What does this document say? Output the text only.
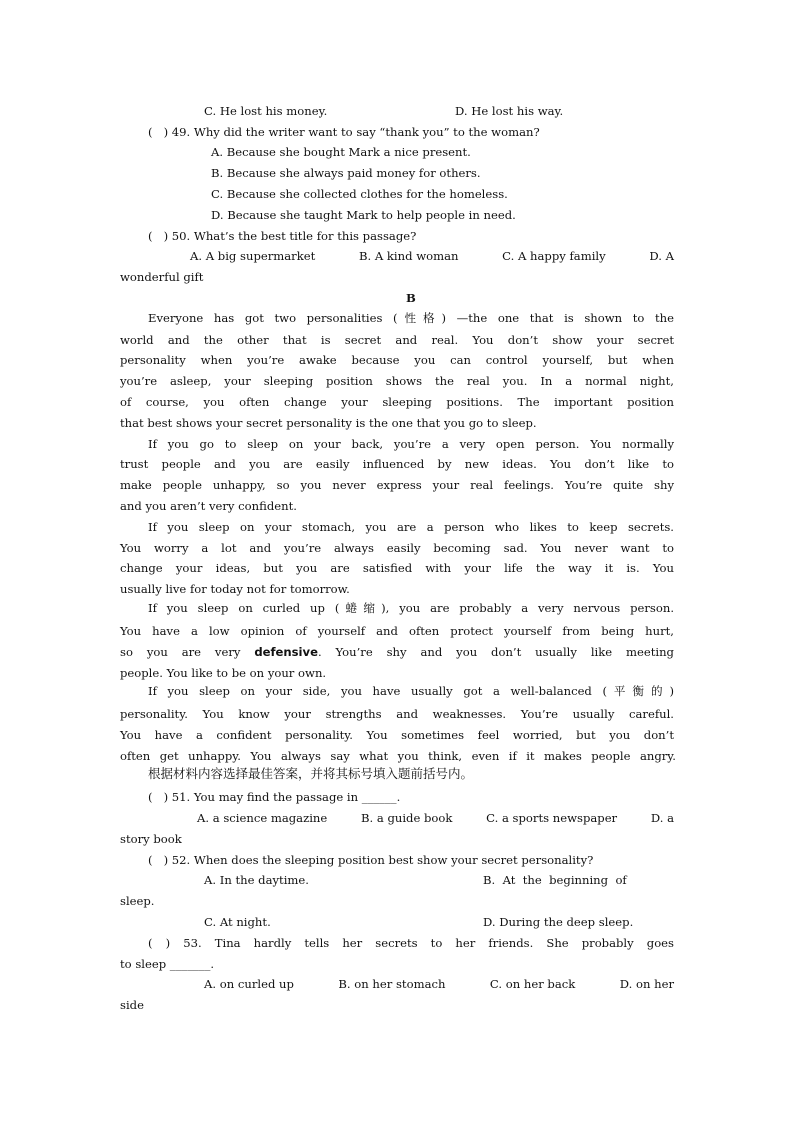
C. He lost his money.	D. He lost his way.
(   ) 49. Why did the writer want to say “thank you” to the woman?
A. Because she bought Mark a nice present.
B. Because she always paid money for others.
C. Because she collected clothes for the homeless.
D. Because she taught Mark to help people in need.
(   ) 50. What’s the best title for this passage?
A. A big supermarket	B. A kind woman	C. A happy family	D. A
wonderful gift
B
Everyone has got two personalities (性格) —the one that is shown to the
world and the other that is secret and real. You don’t show your secret
personality when you’re awake because you can control yourself, but when
you’re asleep, your sleeping position shows the real you. In a normal night,
of course, you often change your sleeping positions. The important position
that best shows your secret personality is the one that you go to sleep.
If you go to sleep on your back, you’re a very open person. You normally
trust people and you are easily influenced by new ideas. You don’t like to
make people unhappy, so you never express your real feelings. You’re quite shy
and you aren’t very confident.
If you sleep on your stomach, you are a person who likes to keep secrets.
You worry a lot and you’re always easily becoming sad. You never want to
change your ideas, but you are satisfied with your life the way it is. You
usually live for today not for tomorrow.
If you sleep on curled up (蜷缩), you are probably a very nervous person.
You have a low opinion of yourself and often protect yourself from being hurt,
so you are very defensive. You’re shy and you don’t usually like meeting
people. You like to be on your own.
If you sleep on your side, you have usually got a well-balanced (平衡的)
personality. You know your strengths and weaknesses. You’re usually careful.
You have a confident personality. You sometimes feel worried, but you don’t
often get unhappy. You always say what you think, even if it makes people angry.
根据材料内容选择最佳答案，并将其标号填入题前括号内。
(   ) 51. You may find the passage in ______.
A. a science magazine	B. a guide book	C. a sports newspaper	D. a
story book
(   ) 52. When does the sleeping position best show your secret personality?
A. In the daytime.	B.  At  the  beginning  of
sleep.
C. At night.	D. During the deep sleep.
( ) 53. Tina hardly tells her secrets to her friends. She probably goes
to sleep _______.
A. on curled up	B. on her stomach	C. on her back	D. on her
side
